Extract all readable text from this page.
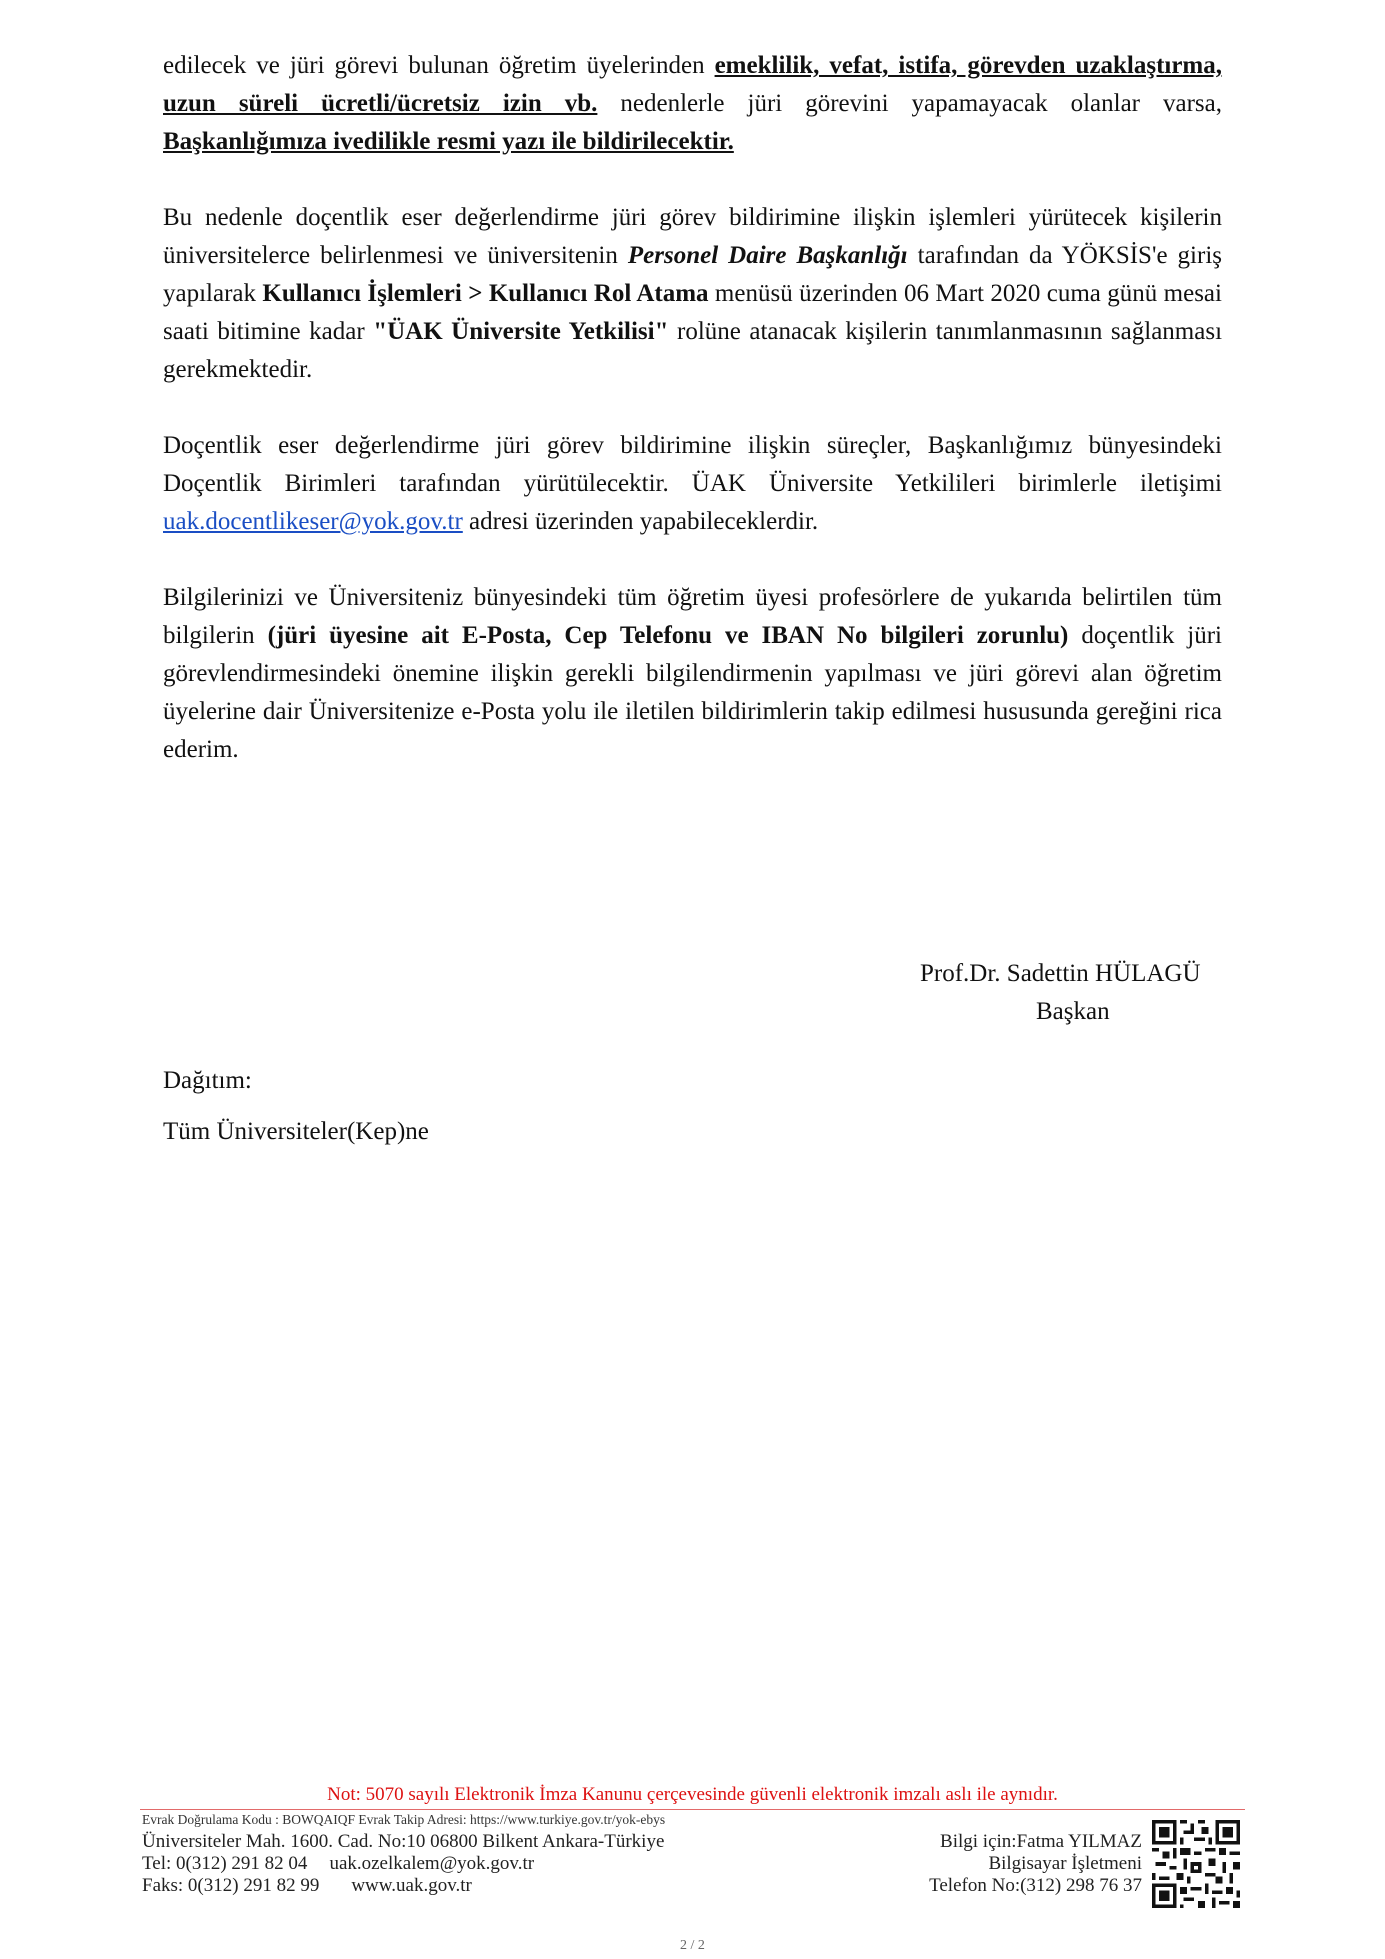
edilecek ve jüri görevi bulunan öğretim üyelerinden emeklilik, vefat, istifa, görevden uzaklaştırma, uzun süreli ücretli/ücretsiz izin vb. nedenlerle jüri görevini yapamayacak olanlar varsa, Başkanlığımıza ivedilikle resmi yazı ile bildirilecektir.

Bu nedenle doçentlik eser değerlendirme jüri görev bildirimine ilişkin işlemleri yürütecek kişilerin üniversitelerce belirlenmesi ve üniversitenin Personel Daire Başkanlığı tarafından da YÖKSİS'e giriş yapılarak Kullanıcı İşlemleri > Kullanıcı Rol Atama menüsü üzerinden 06 Mart 2020 cuma günü mesai saati bitimine kadar "ÜAK Üniversite Yetkilisi" rolüne atanacak kişilerin tanımlanmasının sağlanması gerekmektedir.

Doçentlik eser değerlendirme jüri görev bildirimine ilişkin süreçler, Başkanlığımız bünyesindeki Doçentlik Birimleri tarafından yürütülecektir. ÜAK Üniversite Yetkilileri birimlerle iletişimi uak.docentlikeser@yok.gov.tr adresi üzerinden yapabileceklerdir.

Bilgilerinizi ve Üniversiteniz bünyesindeki tüm öğretim üyesi profesörlere de yukarıda belirtilen tüm bilgilerin (jüri üyesine ait E-Posta, Cep Telefonu ve IBAN No bilgileri zorunlu) doçentlik jüri görevlendirmesindeki önemine ilişkin gerekli bilgilendirmenin yapılması ve jüri görevi alan öğretim üyelerine dair Üniversitenize e-Posta yolu ile iletilen bildirimlerin takip edilmesi hususunda gereğini rica ederim.

Prof.Dr. Sadettin HÜLAGÜ
Başkan
Dağıtım:
Tüm Üniversiteler(Kep)ne
Not: 5070 sayılı Elektronik İmza Kanunu çerçevesinde güvenli elektronik imzalı aslı ile aynıdır.
Evrak Doğrulama Kodu : BOWQAIQF Evrak Takip Adresi: https://www.turkiye.gov.tr/yok-ebys
Üniversiteler Mah. 1600. Cad. No:10 06800 Bilkent Ankara-Türkiye
Tel: 0(312) 291 82 04 uak.ozelkalem@yok.gov.tr
Faks: 0(312) 291 82 99 www.uak.gov.tr
Bilgi için:Fatma YILMAZ
Bilgisayar İşletmeni
Telefon No:(312) 298 76 37
2 / 2
